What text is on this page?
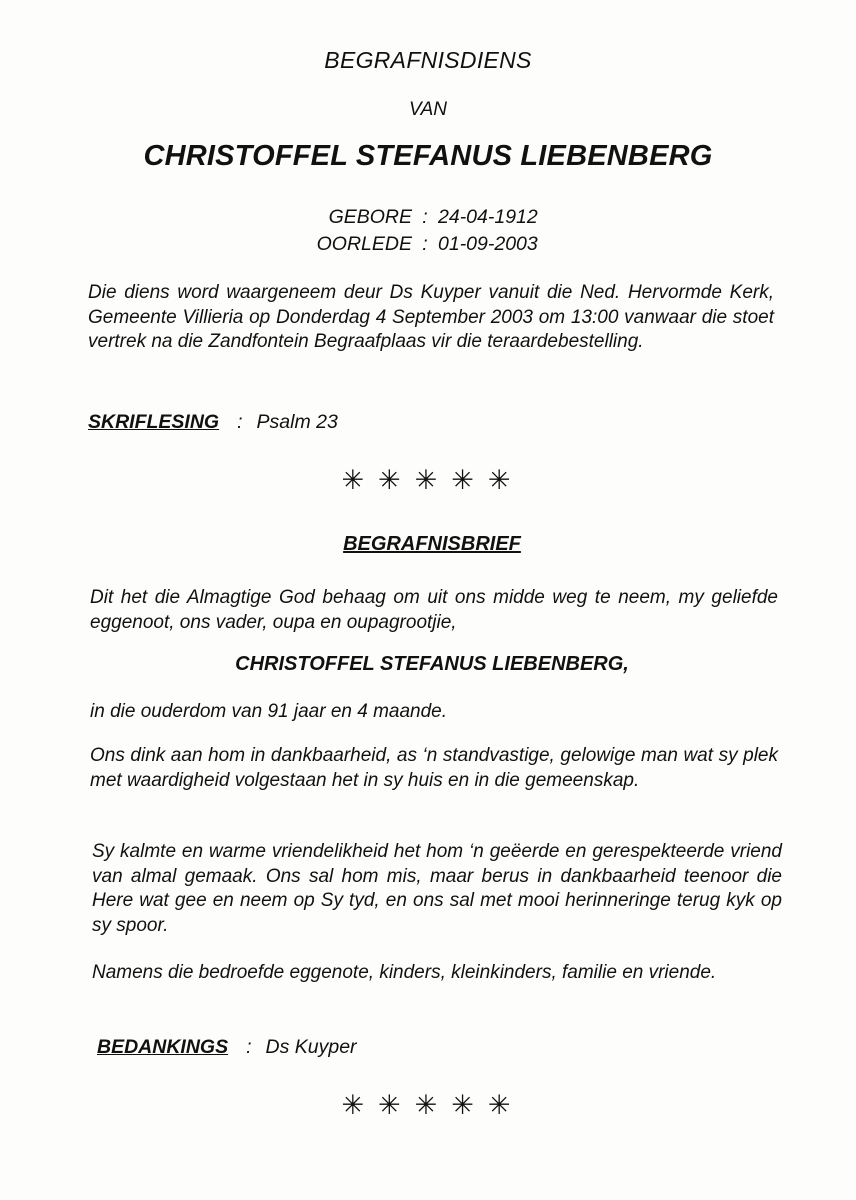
BEGRAFNISDIENS
VAN
CHRISTOFFEL STEFANUS LIEBENBERG
GEBORE : 24-04-1912
OORLEDE : 01-09-2003
Die diens word waargeneem deur Ds Kuyper vanuit die Ned. Hervormde Kerk, Gemeente Villieria op Donderdag 4 September 2003 om 13:00 vanwaar die stoet vertrek na die Zandfontein Begraafplaas vir die teraardebestelling.
SKRIFLESING : Psalm 23
✳✳✳✳✳
BEGRAFNISBRIEF
Dit het die Almagtige God behaag om uit ons midde weg te neem, my geliefde eggenoot, ons vader, oupa en oupagrootjie,
CHRISTOFFEL STEFANUS LIEBENBERG,
in die ouderdom van 91 jaar en 4 maande.
Ons dink aan hom in dankbaarheid, as ‘n standvastige, gelowige man wat sy plek met waardigheid volgestaan het in sy huis en in die gemeenskap.
Sy kalmte en warme vriendelikheid het hom ‘n geëerde en gerespekteerde vriend van almal gemaak. Ons sal hom mis, maar berus in dankbaarheid teenoor die Here wat gee en neem op Sy tyd, en ons sal met mooi herinneringe terug kyk op sy spoor.
Namens die bedroefde eggenote, kinders, kleinkinders, familie en vriende.
BEDANKINGS : Ds Kuyper
✳✳✳✳✳
